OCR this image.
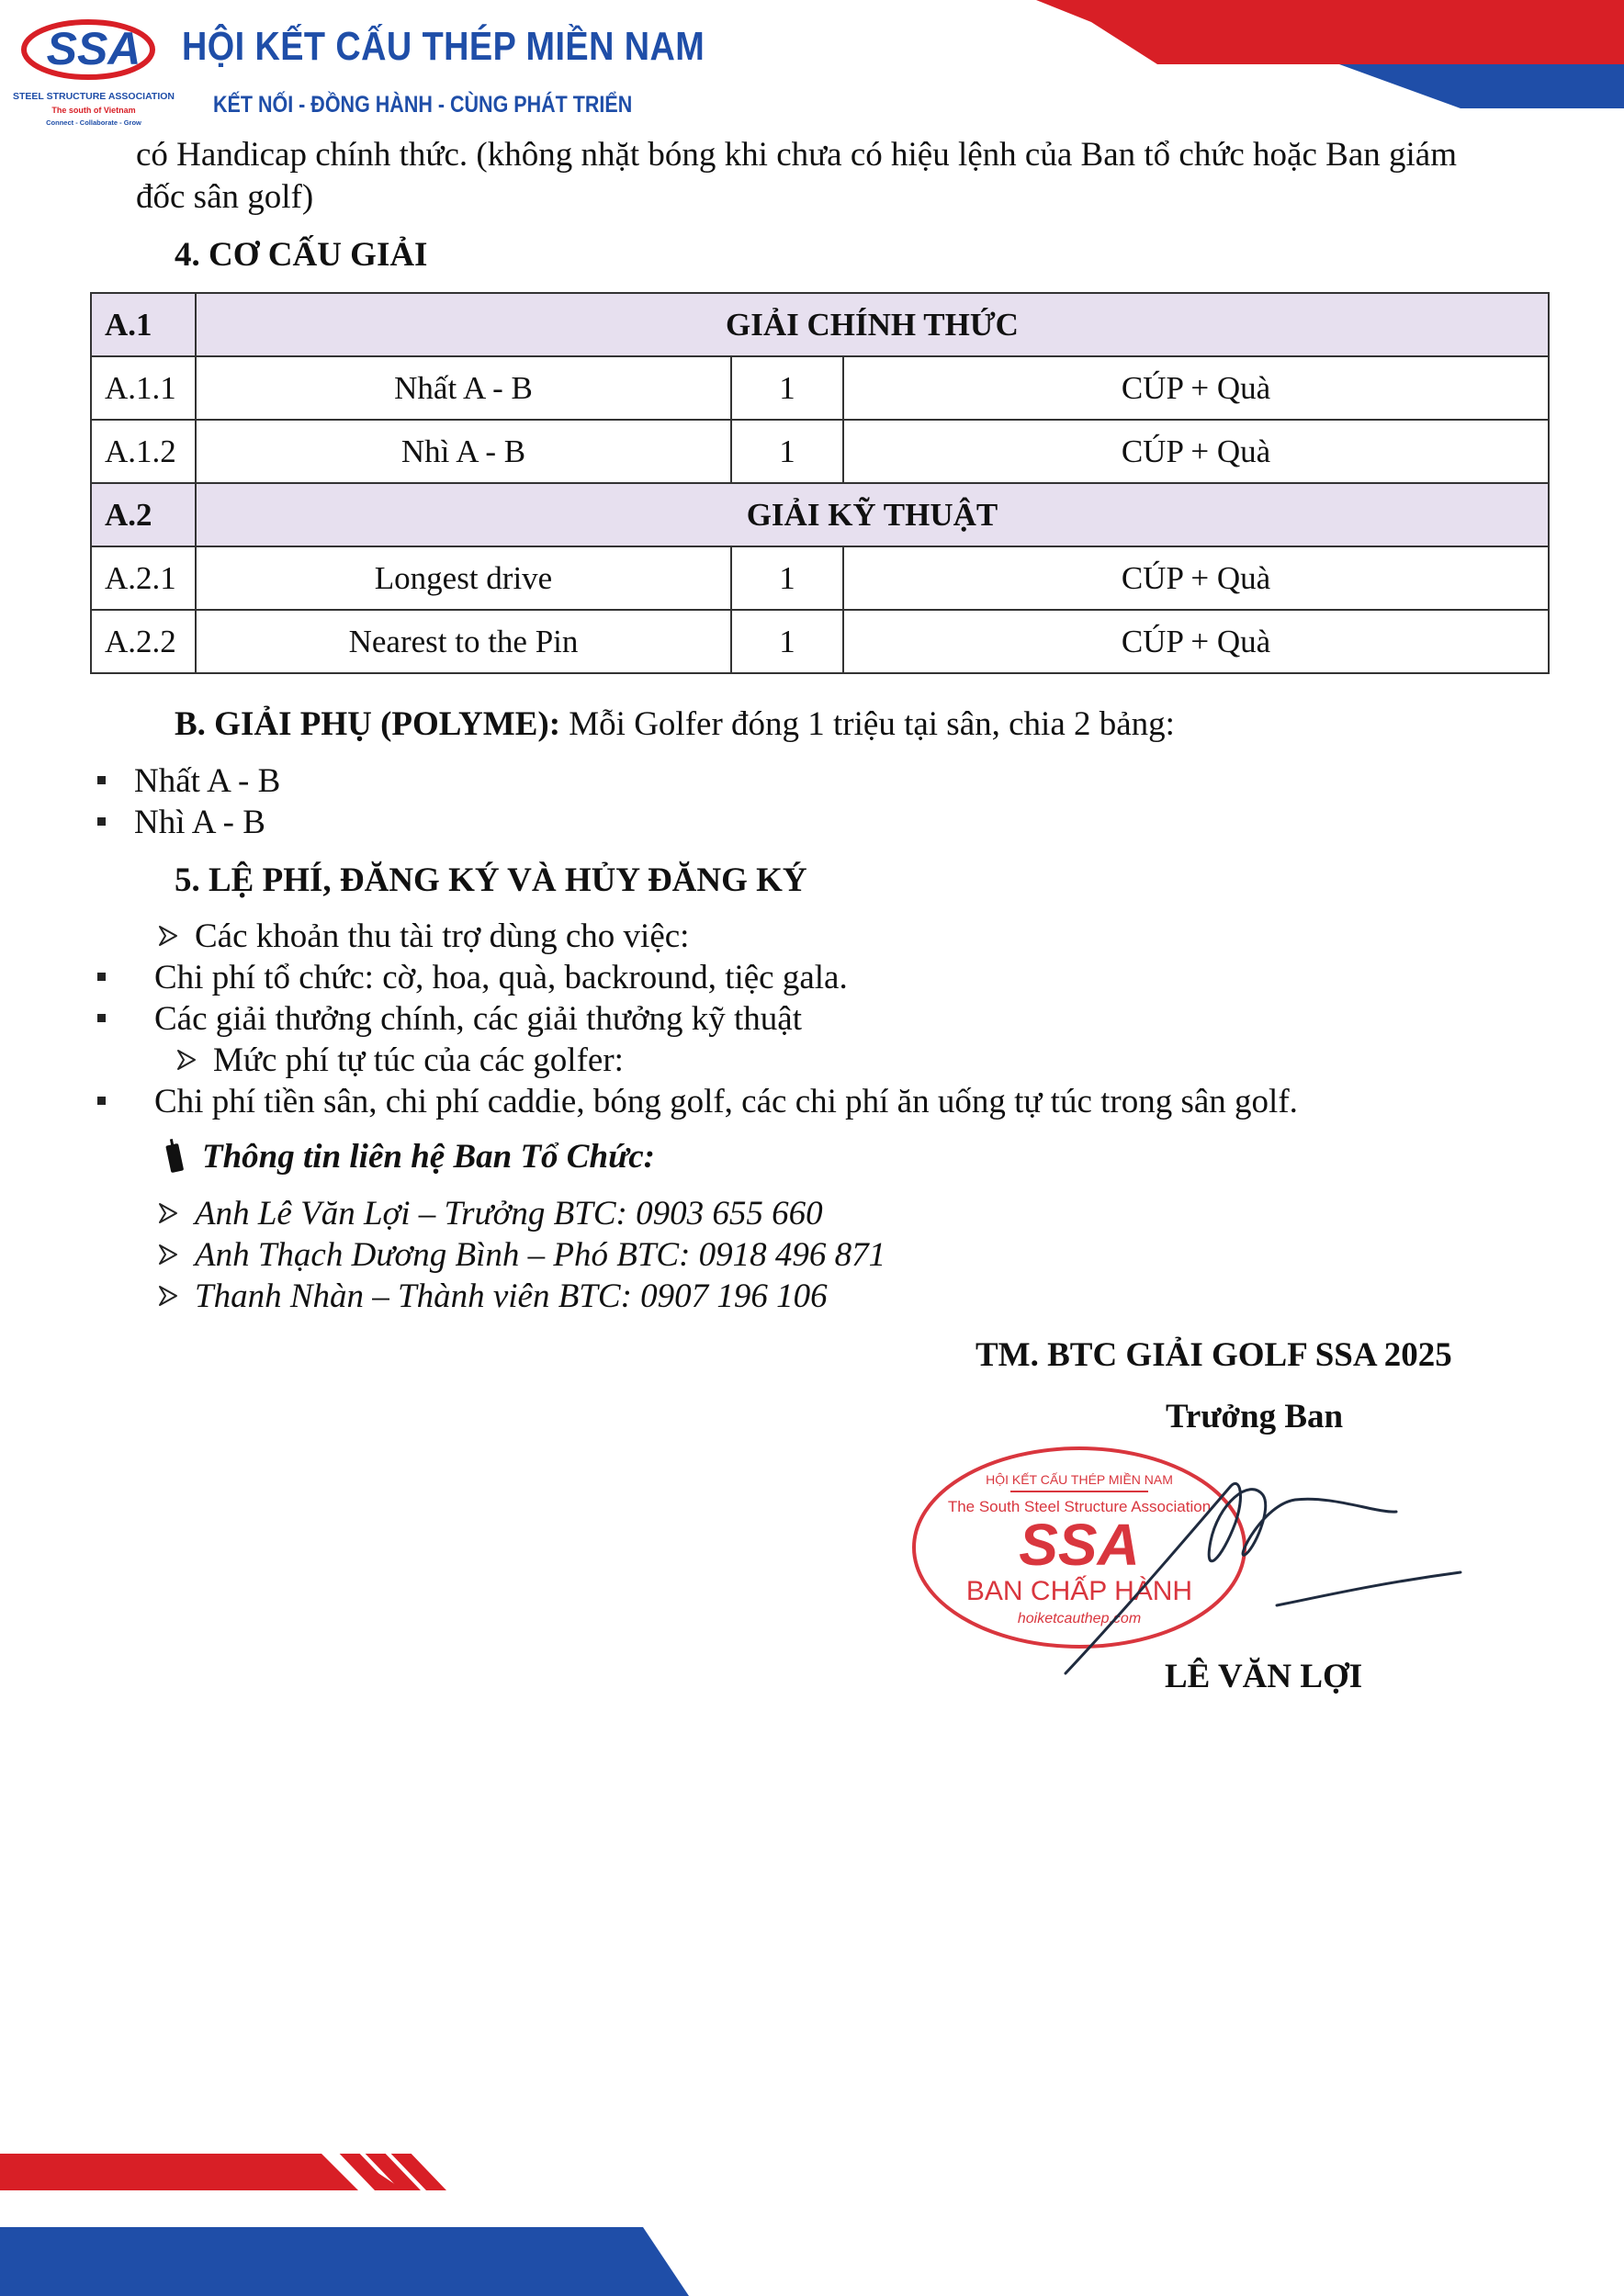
SSA
STEEL STRUCTURE ASSOCIATION
The south of Vietnam
Connect - Collaborate - Grow
HỘI KẾT CẤU THÉP MIỀN NAM
KẾT NỐI - ĐỒNG HÀNH - CÙNG PHÁT TRIỂN
có Handicap chính thức. (không nhặt bóng khi chưa có hiệu lệnh của Ban tổ chức hoặc Ban giám
đốc sân golf)
4. CƠ CẤU GIẢI
A.1	GIẢI CHÍNH THỨC		
A.1.1	Nhất A - B	1	CÚP + Quà
A.1.2	Nhì A - B	1	CÚP + Quà
A.2	GIẢI KỸ THUẬT		
A.2.1	Longest drive	1	CÚP + Quà
A.2.2	Nearest to the Pin	1	CÚP + Quà
B. GIẢI PHỤ (POLYME): Mỗi Golfer đóng 1 triệu tại sân, chia 2 bảng:
Nhất A - B
Nhì A - B
5. LỆ PHÍ, ĐĂNG KÝ VÀ HỦY ĐĂNG KÝ
Các khoản thu tài trợ dùng cho việc:
Chi phí tổ chức: cờ, hoa, quà, backround, tiệc gala.
Các giải thưởng chính, các giải thưởng kỹ thuật
Mức phí tự túc của các golfer:
Chi phí tiền sân, chi phí caddie, bóng golf, các chi phí ăn uống tự túc trong sân golf.
Thông tin liên hệ Ban Tổ Chức:
Anh Lê Văn Lợi – Trưởng BTC: 0903 655 660
Anh Thạch Dương Bình – Phó BTC: 0918 496 871
Thanh Nhàn – Thành viên BTC: 0907 196 106
TM. BTC GIẢI GOLF SSA 2025
Trưởng Ban
HỘI KẾT CẤU THÉP MIỀN NAM
The South Steel Structure Association
SSA
BAN CHẤP HÀNH
hoiketcauthep.com
LÊ VĂN LỢI
